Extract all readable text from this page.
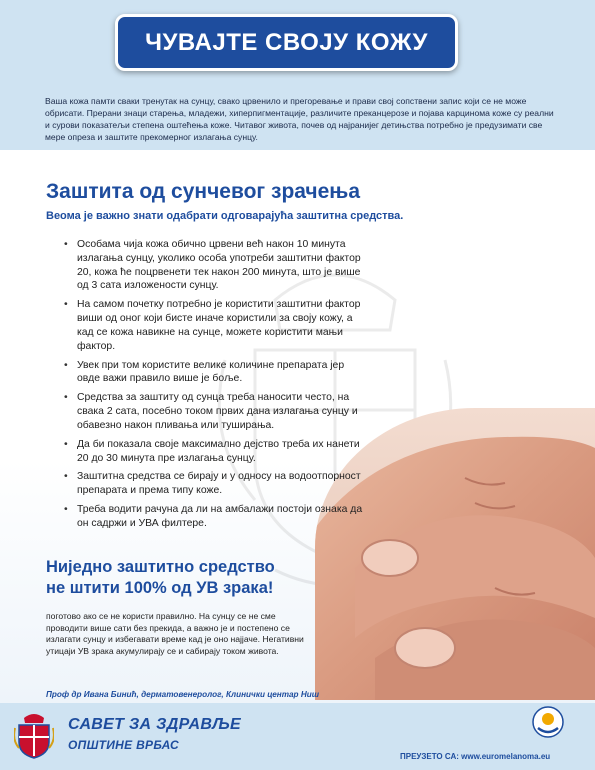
ЧУВАЈТЕ СВОЈУ КОЖУ

Ваша кожа памти сваки тренутак на сунцу, свако црвенило и прегоревање и прави свој сопствени запис који се не може обрисати. Прерани знаци старења, младежи, хиперпигментације, различите преканцерозе и појава карцинома коже су реални и сурови показатељи степена оштећења коже. Читавог живота, почев од најранијег детињства потребно је предузимати све мере опреза и заштите прекомерног излагања сунцу.

Заштита од сунчевог зрачења

Веома је важно знати одабрати одговарајућа заштитна средства.

• Особама чија кожа обично црвени већ након 10 минута излагања сунцу, уколико особа употреби заштитни фактор 20, кожа ће поцрвенети тек након 200 минута, што је више од 3 сата изложености сунцу.
• На самом почетку потребно је користити заштитни фактор виши од оног који бисте иначе користили за своју кожу, а кад се кожа навикне на сунце, можете користити мањи фактор.
• Увек при том користите велике количине препарата јер овде важи правило више је боље.
• Средства за заштиту од сунца треба наносити често, на свака 2 сата, посебно током првих дана излагања сунцу и обавезно након пливања или туширања.
• Да би показала своје максимално дејство треба их нанети 20 до 30 минута пре излагања сунцу.
• Заштитна средства се бирају и у односу на водоотпорност препарата и према типу коже.
• Треба водити рачуна да ли на амбалажи постоји ознака да он садржи и УВА филтере.
Ниједно заштитно средство
не штити 100% од УВ зрака!

поготово ако се не користи правилно. На сунцу се не сме проводити више сати без прекида, а важно је и постепено се излагати сунцу и избегавати време кад је оно најјаче. Негативни утицаји УВ зрака акумулирају се и сабирају током живота.

Проф др Ивана Бинић, дерматовенеролог, Клинички центар Ниш

САВЕТ ЗА ЗДРАВЉЕ
ОПШТИНЕ ВРБАС
ПРЕУЗЕТО СА: www.euromelanoma.eu
